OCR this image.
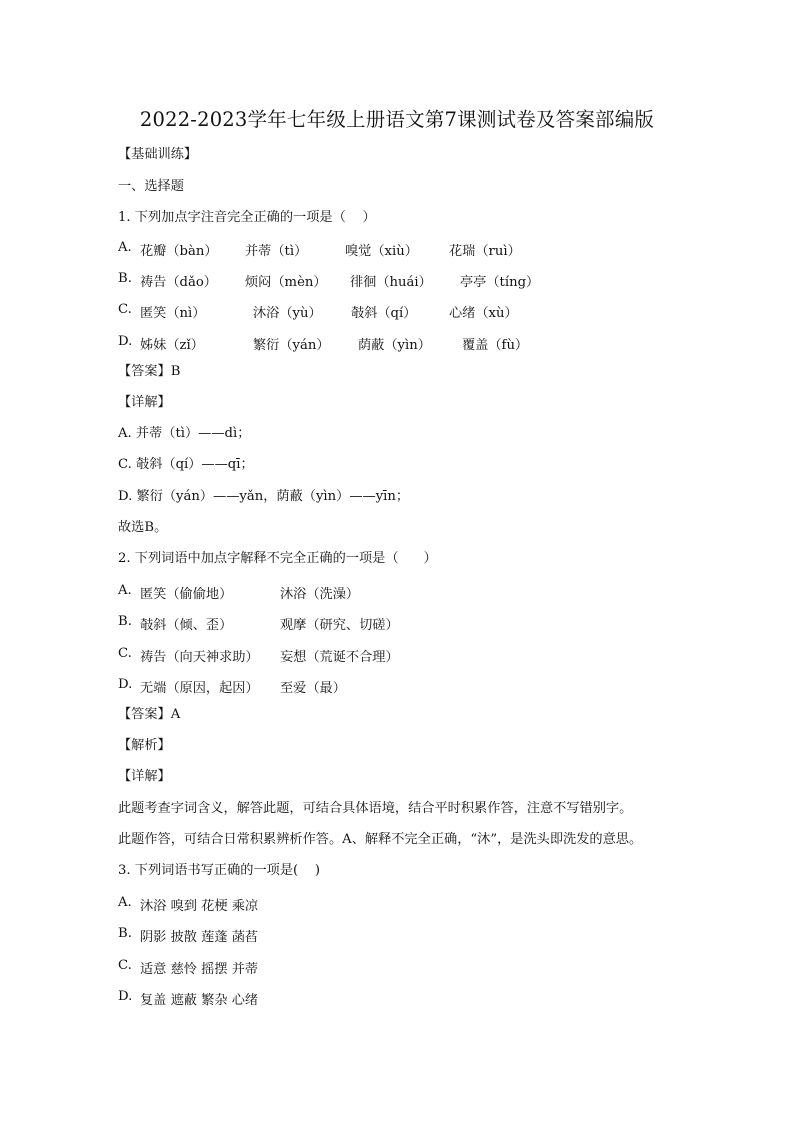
2022-2023学年七年级上册语文第7课测试卷及答案部编版
【基础训练】
一、选择题
1. 下列加点字注音完全正确的一项是（    ）
A. 花瓣（bàn） 并蒂（tì）	嗅觉（xiù） 花瑞（ruì）
B. 祷告（dǎo） 烦闷（mèn） 徘徊（huái） 亭亭（tíng）
C. 匿笑（nì）	沐浴（yù） 攲斜（qí） 心绪（xù）
D. 姊妹（zǐ）	繁衍（yán） 荫蔽（yìn） 覆盖（fù）
【答案】B
【详解】
A. 并蒂（tì）——dì；
C. 攲斜（qí）——qī；
D. 繁衍（yán）——yǎn，荫蔽（yìn）——yīn；
故选B。
2. 下列词语中加点字解释不完全正确的一项是（      ）
A. 匿笑（偷偷地）	沐浴（洗澡）
B. 攲斜（倾、歪）	观摩（研究、切磋）
C. 祷告（向天神求助） 妄想（荒诞不合理）
D. 无端（原因，起因） 至爱（最）
【答案】A
【解析】
【详解】
此题考查字词含义，解答此题，可结合具体语境，结合平时积累作答，注意不写错别字。
此题作答，可结合日常积累辨析作答。A、解释不完全正确，“沐”，是洗头即洗发的意思。
3. 下列词语书写正确的一项是(    )
A. 沐浴 嗅到 花梗 乘凉
B. 阴影 披散 莲蓬 菡萏
C. 适意 慈怜 摇摆 并蒂
D. 复盖 遮蔽 繁杂 心绪
